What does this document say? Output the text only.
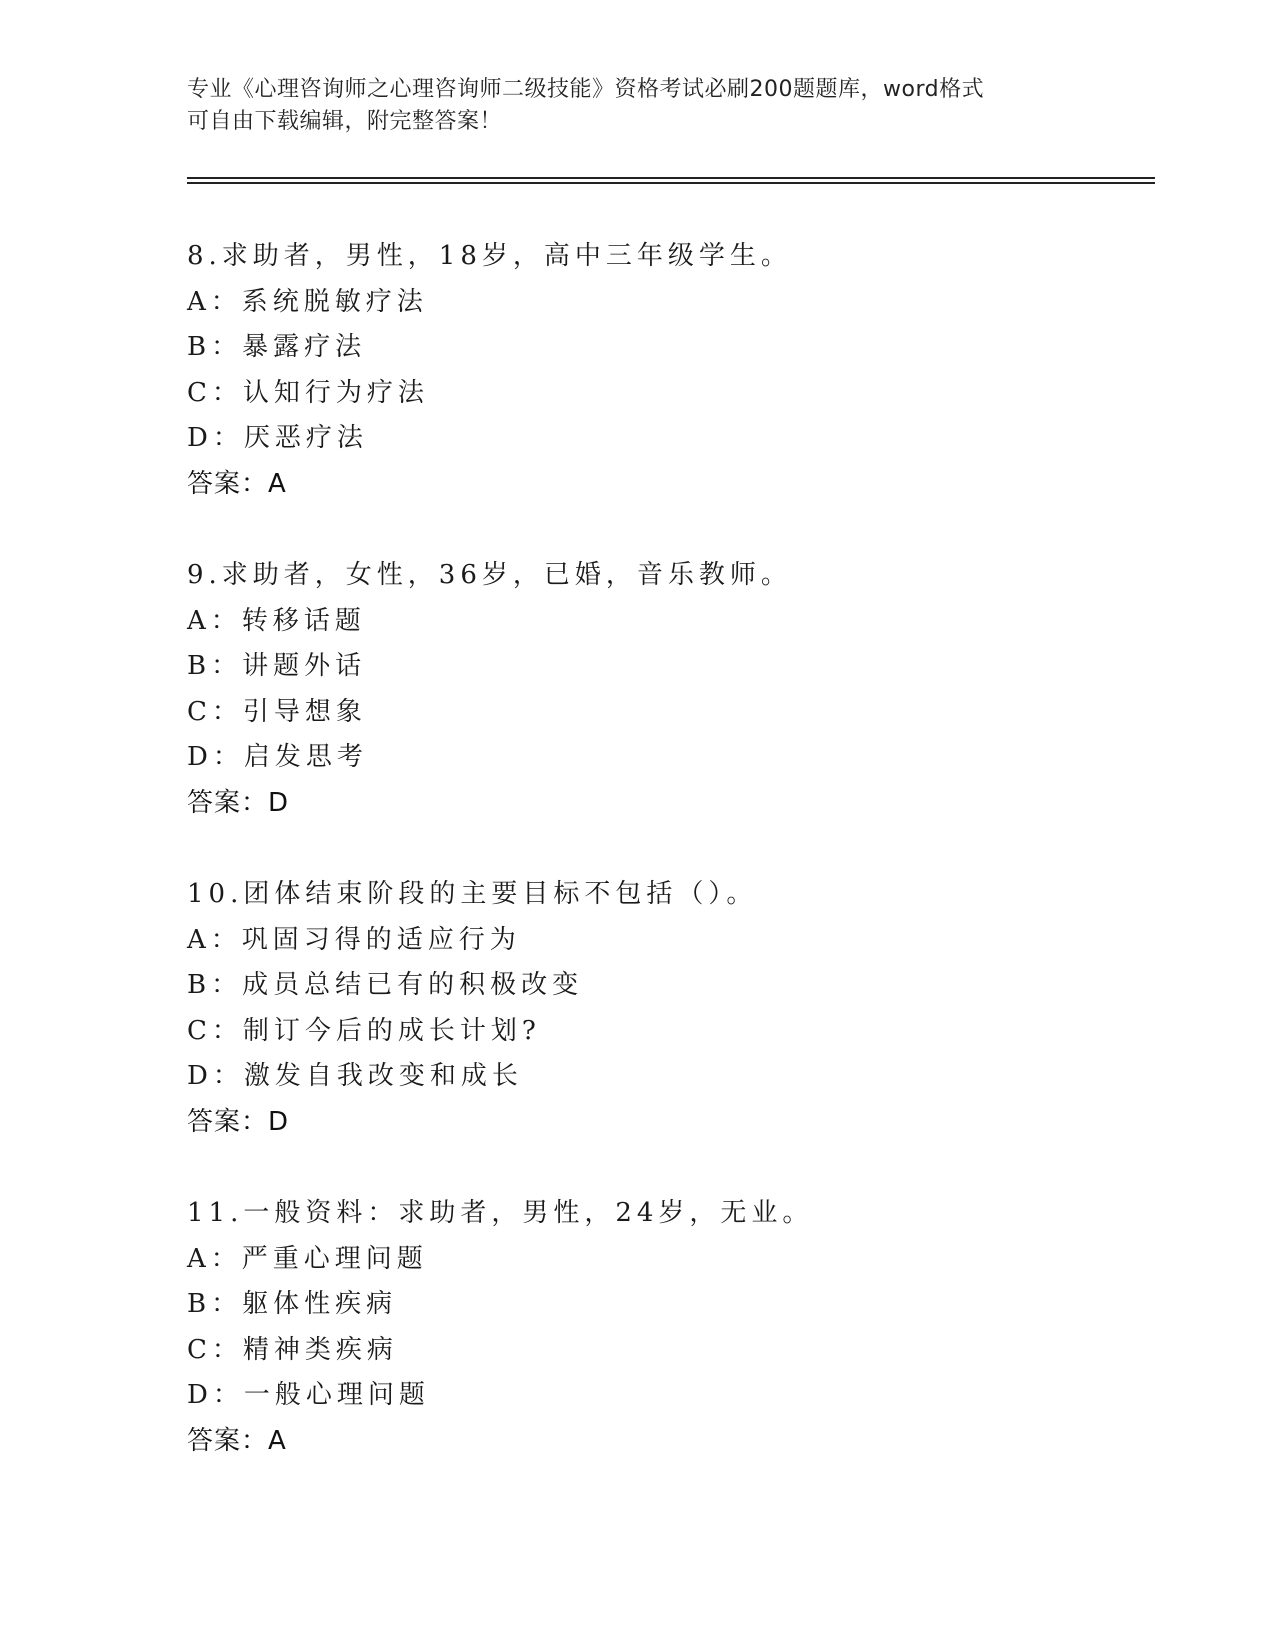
专业《心理咨询师之心理咨询师二级技能》资格考试必刷200题题库，word格式
可自由下载编辑，附完整答案！
8.求助者，男性，18岁，高中三年级学生。
A：系统脱敏疗法
B：暴露疗法
C：认知行为疗法
D：厌恶疗法
答案：A
9.求助者，女性，36岁，已婚，音乐教师。
A：转移话题
B：讲题外话
C：引导想象
D：启发思考
答案：D
10.团体结束阶段的主要目标不包括（）。
A：巩固习得的适应行为
B：成员总结已有的积极改变
C：制订今后的成长计划?
D：激发自我改变和成长
答案：D
11.一般资料：求助者，男性，24岁，无业。
A：严重心理问题
B：躯体性疾病
C：精神类疾病
D：一般心理问题
答案：A
